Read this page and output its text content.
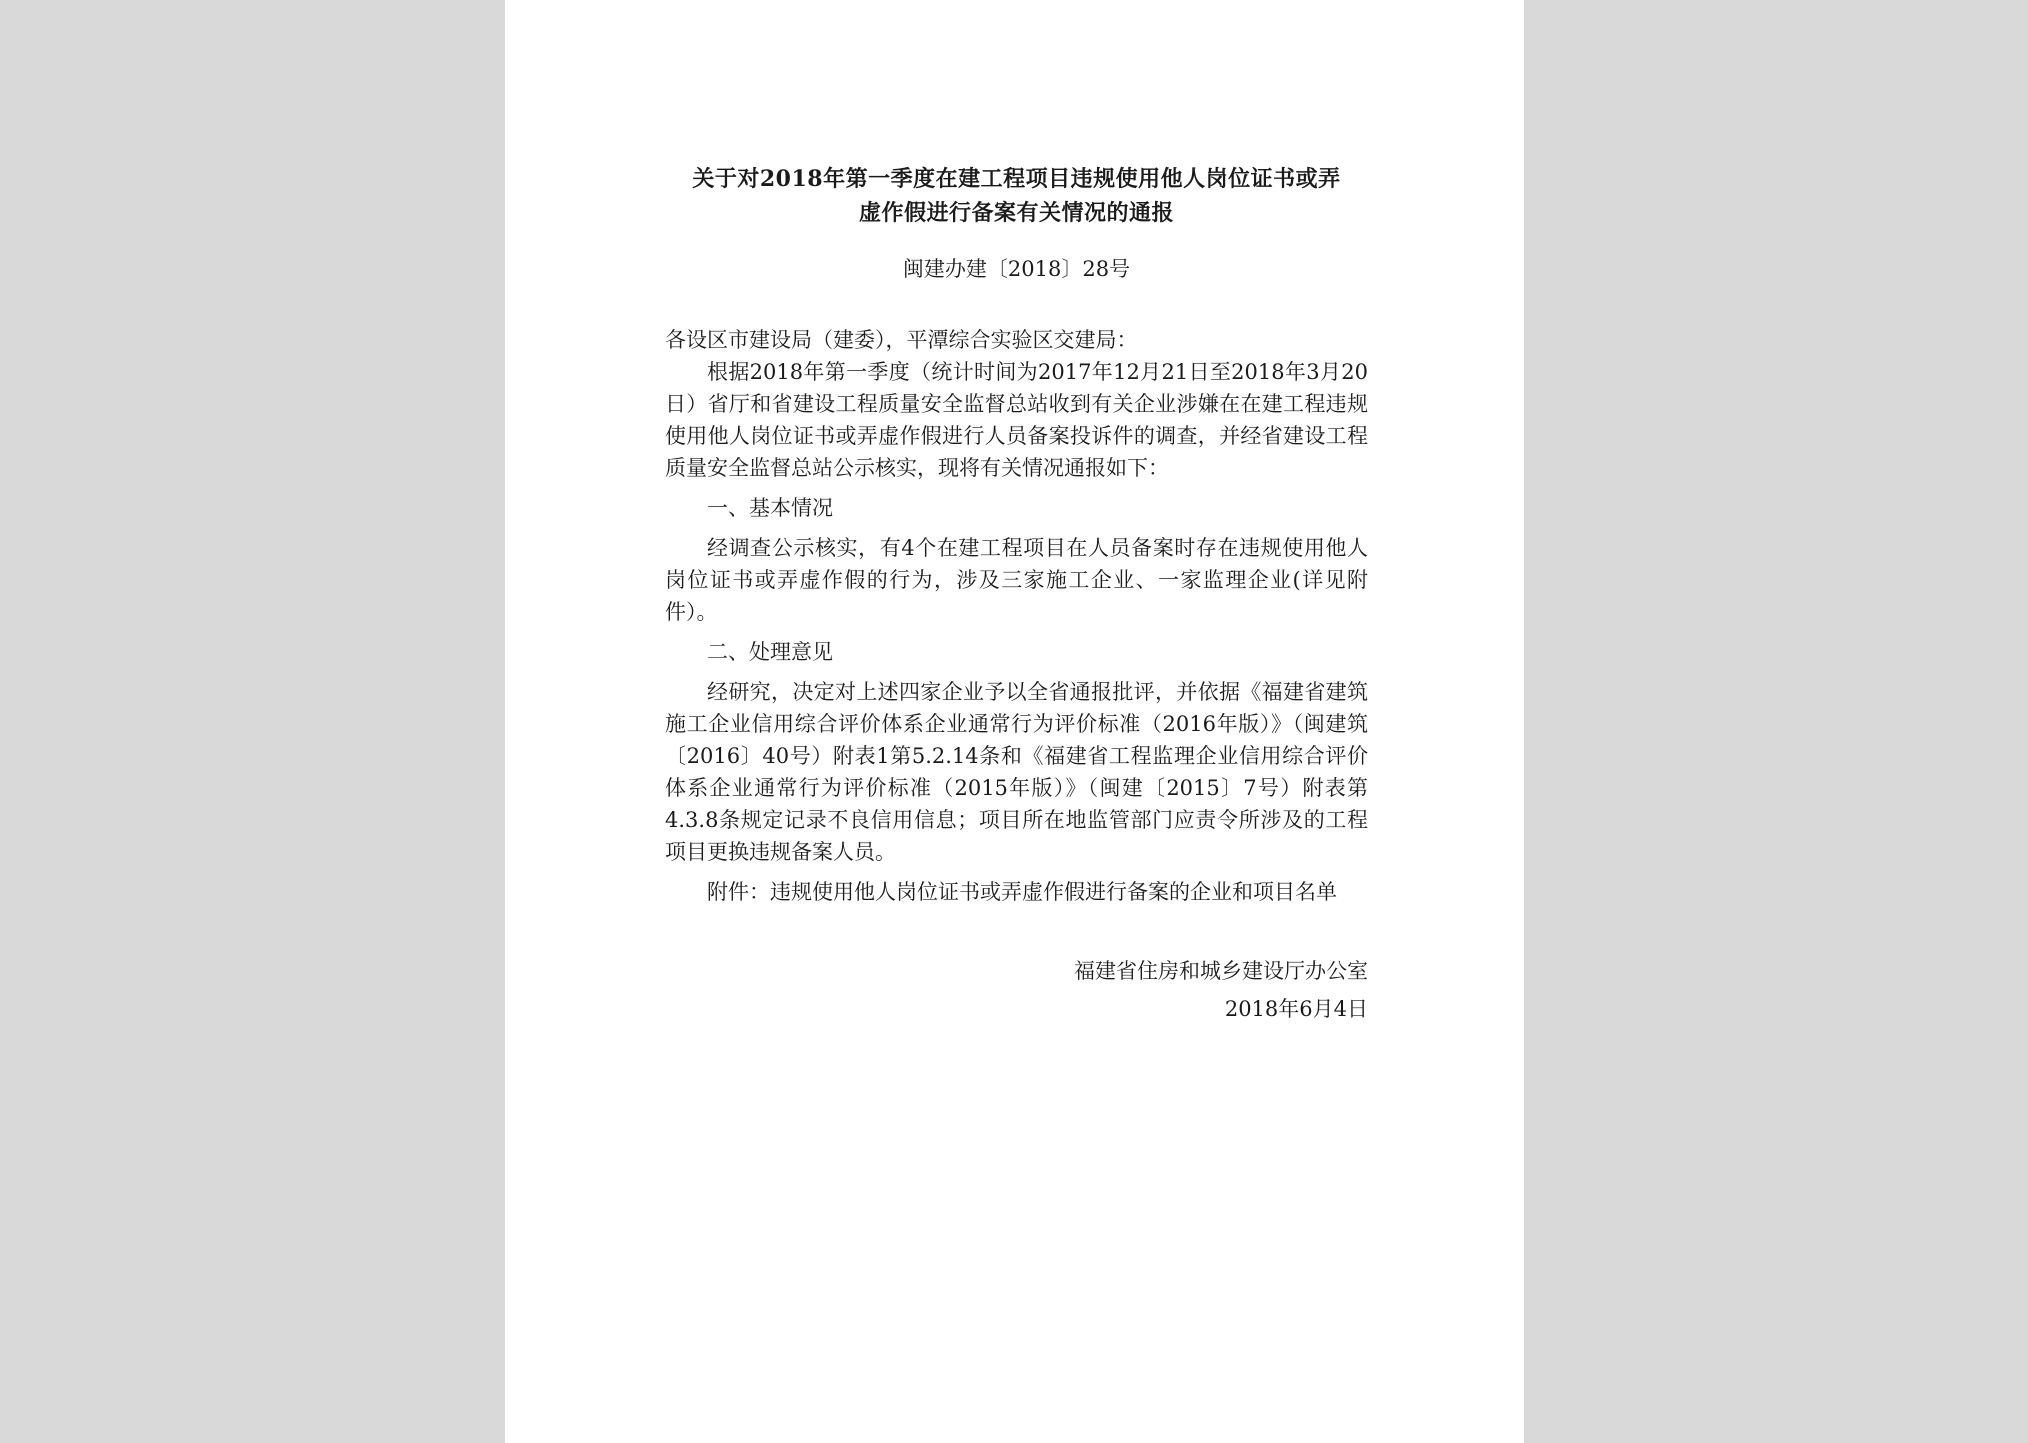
关于对2018年第一季度在建工程项目违规使用他人岗位证书或弄
虚作假进行备案有关情况的通报
闽建办建〔2018〕28号

各设区市建设局（建委），平潭综合实验区交建局：

根据2018年第一季度（统计时间为2017年12月21日至2018年3月20日）省厅和省建设工程质量安全监督总站收到有关企业涉嫌在在建工程违规使用他人岗位证书或弄虚作假进行人员备案投诉件的调查，并经省建设工程质量安全监督总站公示核实，现将有关情况通报如下：

一、基本情况

经调查公示核实，有4个在建工程项目在人员备案时存在违规使用他人岗位证书或弄虚作假的行为，涉及三家施工企业、一家监理企业(详见附件）。

二、处理意见

经研究，决定对上述四家企业予以全省通报批评，并依据《福建省建筑施工企业信用综合评价体系企业通常行为评价标准（2016年版）》（闽建筑〔2016〕40号）附表1第5.2.14条和《福建省工程监理企业信用综合评价体系企业通常行为评价标准（2015年版）》（闽建〔2015〕7号）附表第4.3.8条规定记录不良信用信息；项目所在地监管部门应责令所涉及的工程项目更换违规备案人员。

附件：违规使用他人岗位证书或弄虚作假进行备案的企业和项目名单

福建省住房和城乡建设厅办公室
2018年6月4日
